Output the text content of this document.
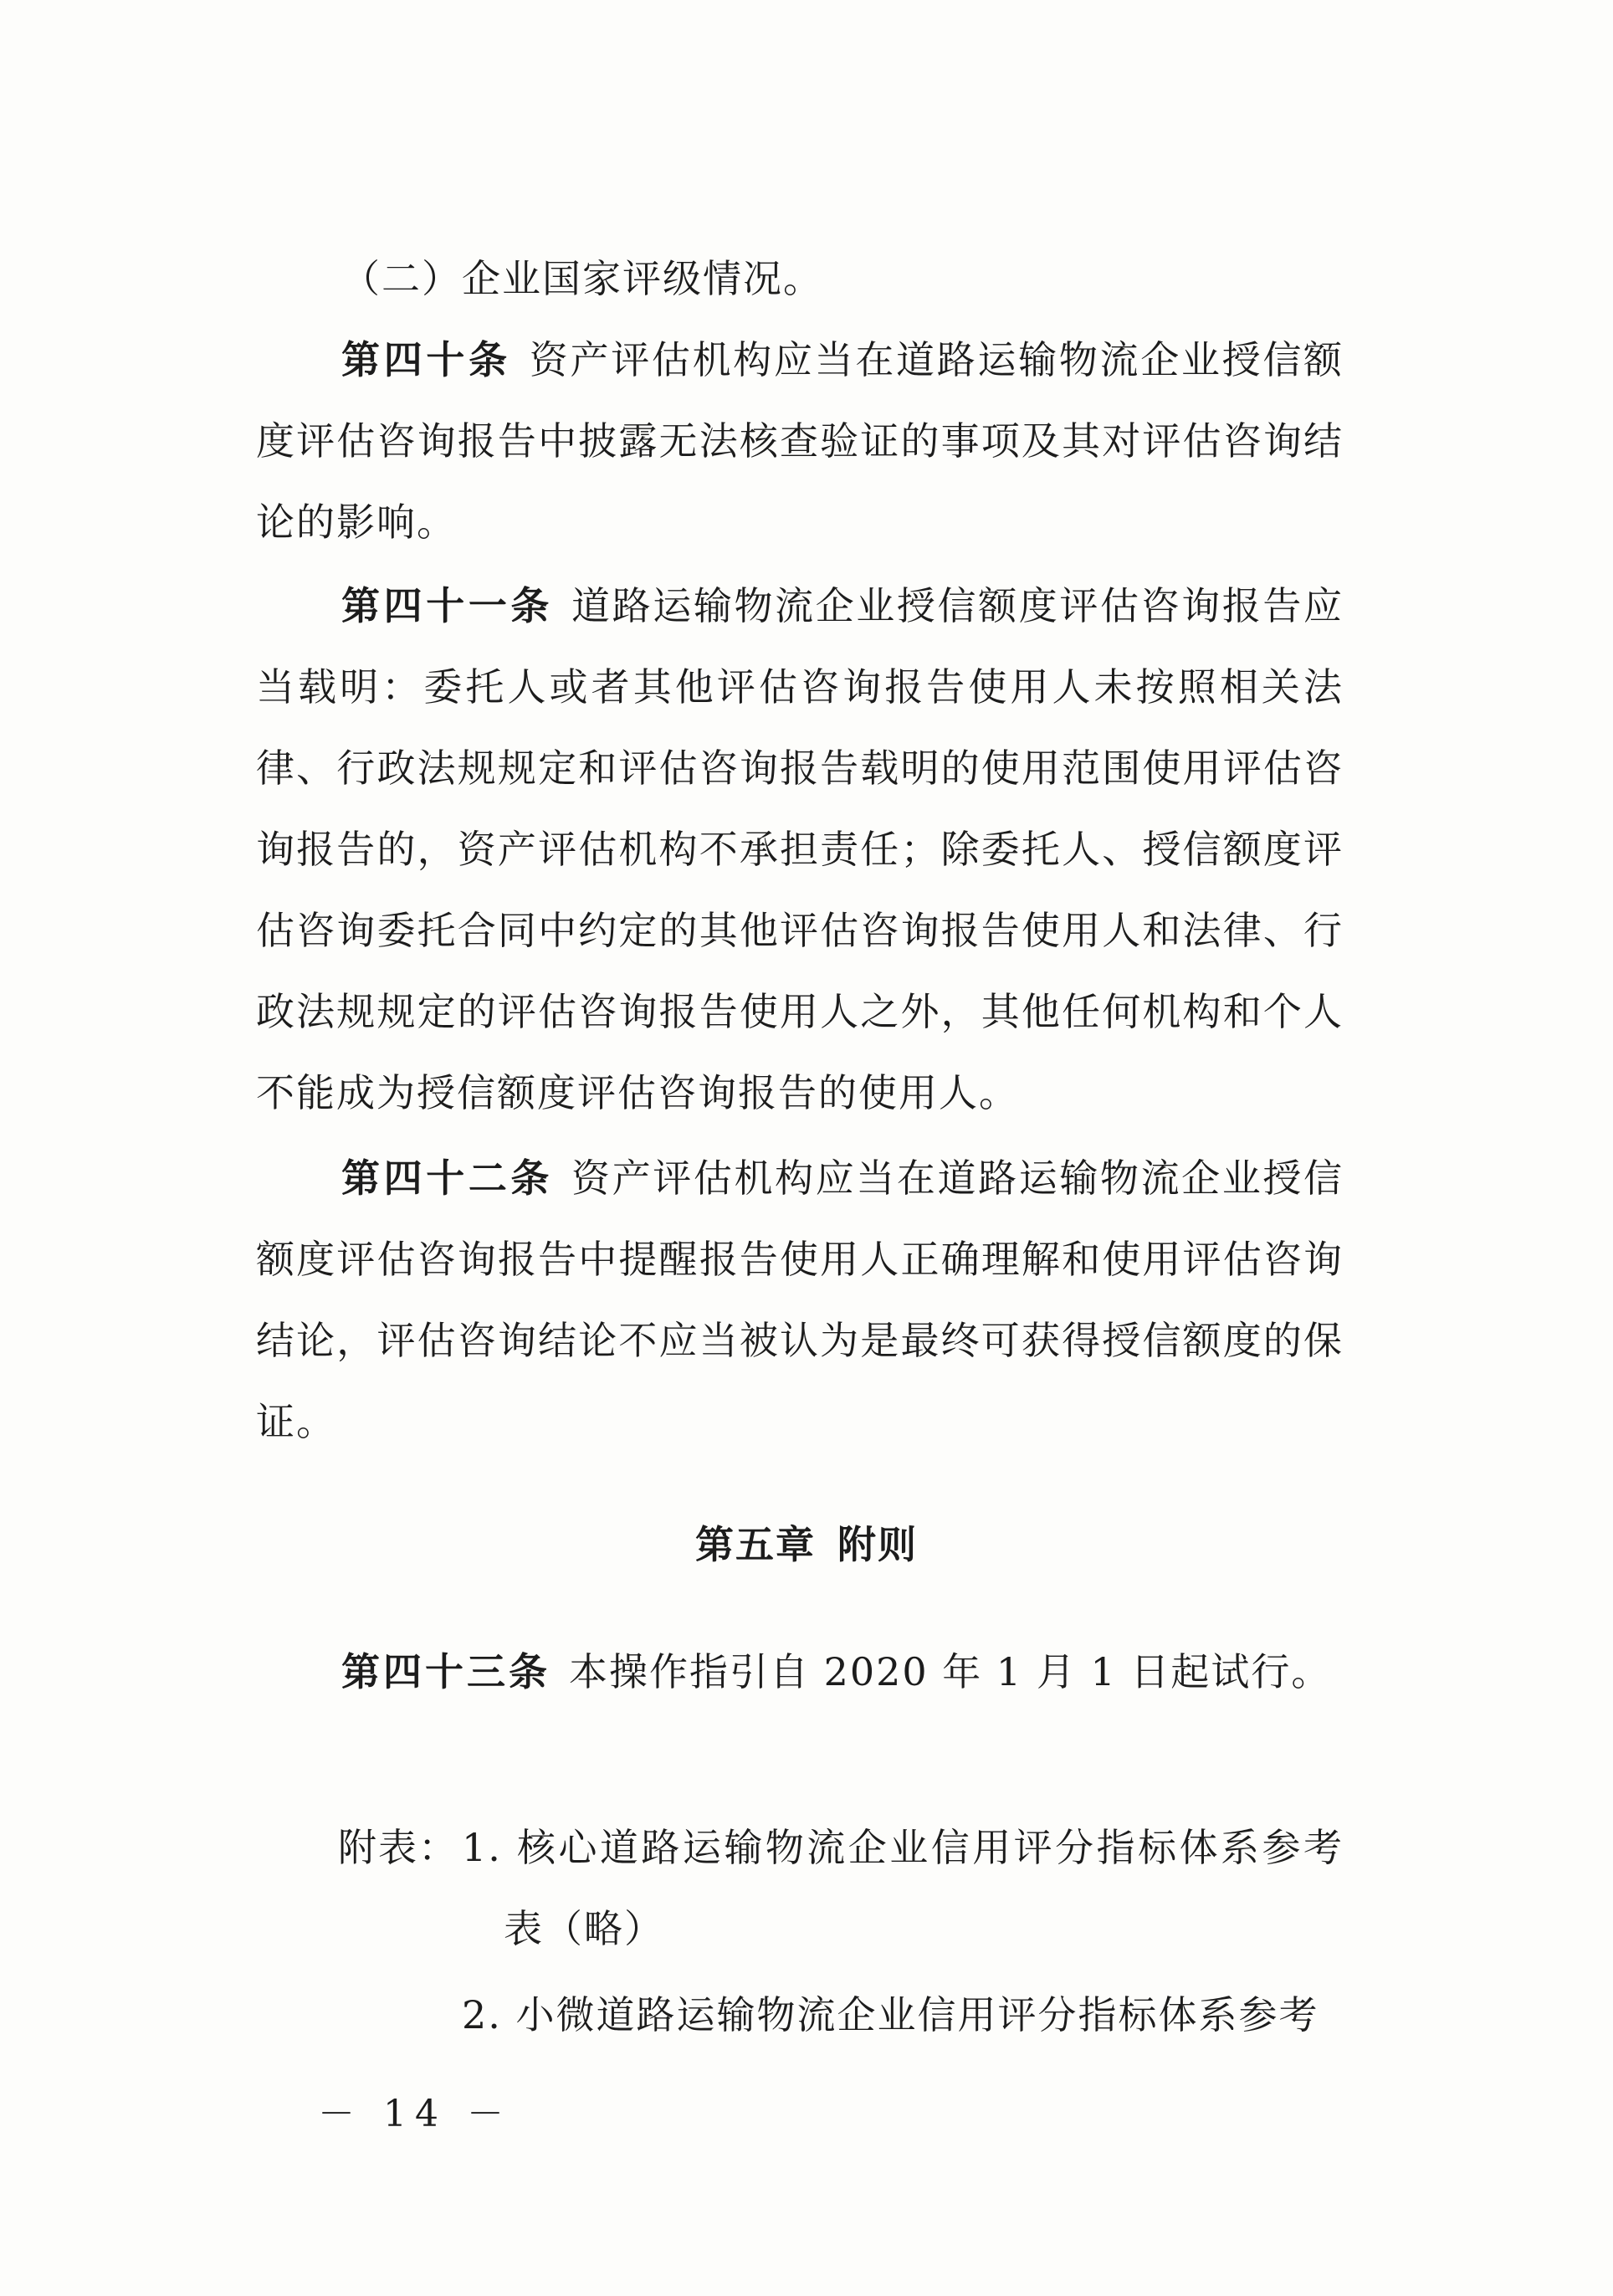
（二）企业国家评级情况。

第四十条 资产评估机构应当在道路运输物流企业授信额度评估咨询报告中披露无法核查验证的事项及其对评估咨询结论的影响。

第四十一条 道路运输物流企业授信额度评估咨询报告应当载明：委托人或者其他评估咨询报告使用人未按照相关法律、行政法规规定和评估咨询报告载明的使用范围使用评估咨询报告的，资产评估机构不承担责任；除委托人、授信额度评估咨询委托合同中约定的其他评估咨询报告使用人和法律、行政法规规定的评估咨询报告使用人之外，其他任何机构和个人不能成为授信额度评估咨询报告的使用人。

第四十二条 资产评估机构应当在道路运输物流企业授信额度评估咨询报告中提醒报告使用人正确理解和使用评估咨询结论，评估咨询结论不应当被认为是最终可获得授信额度的保证。

第五章 附则

第四十三条 本操作指引自 2020 年 1 月 1 日起试行。

附表： 1. 核心道路运输物流企业信用评分指标体系参考表（略）

2. 小微道路运输物流企业信用评分指标体系参考

－ 14 －
